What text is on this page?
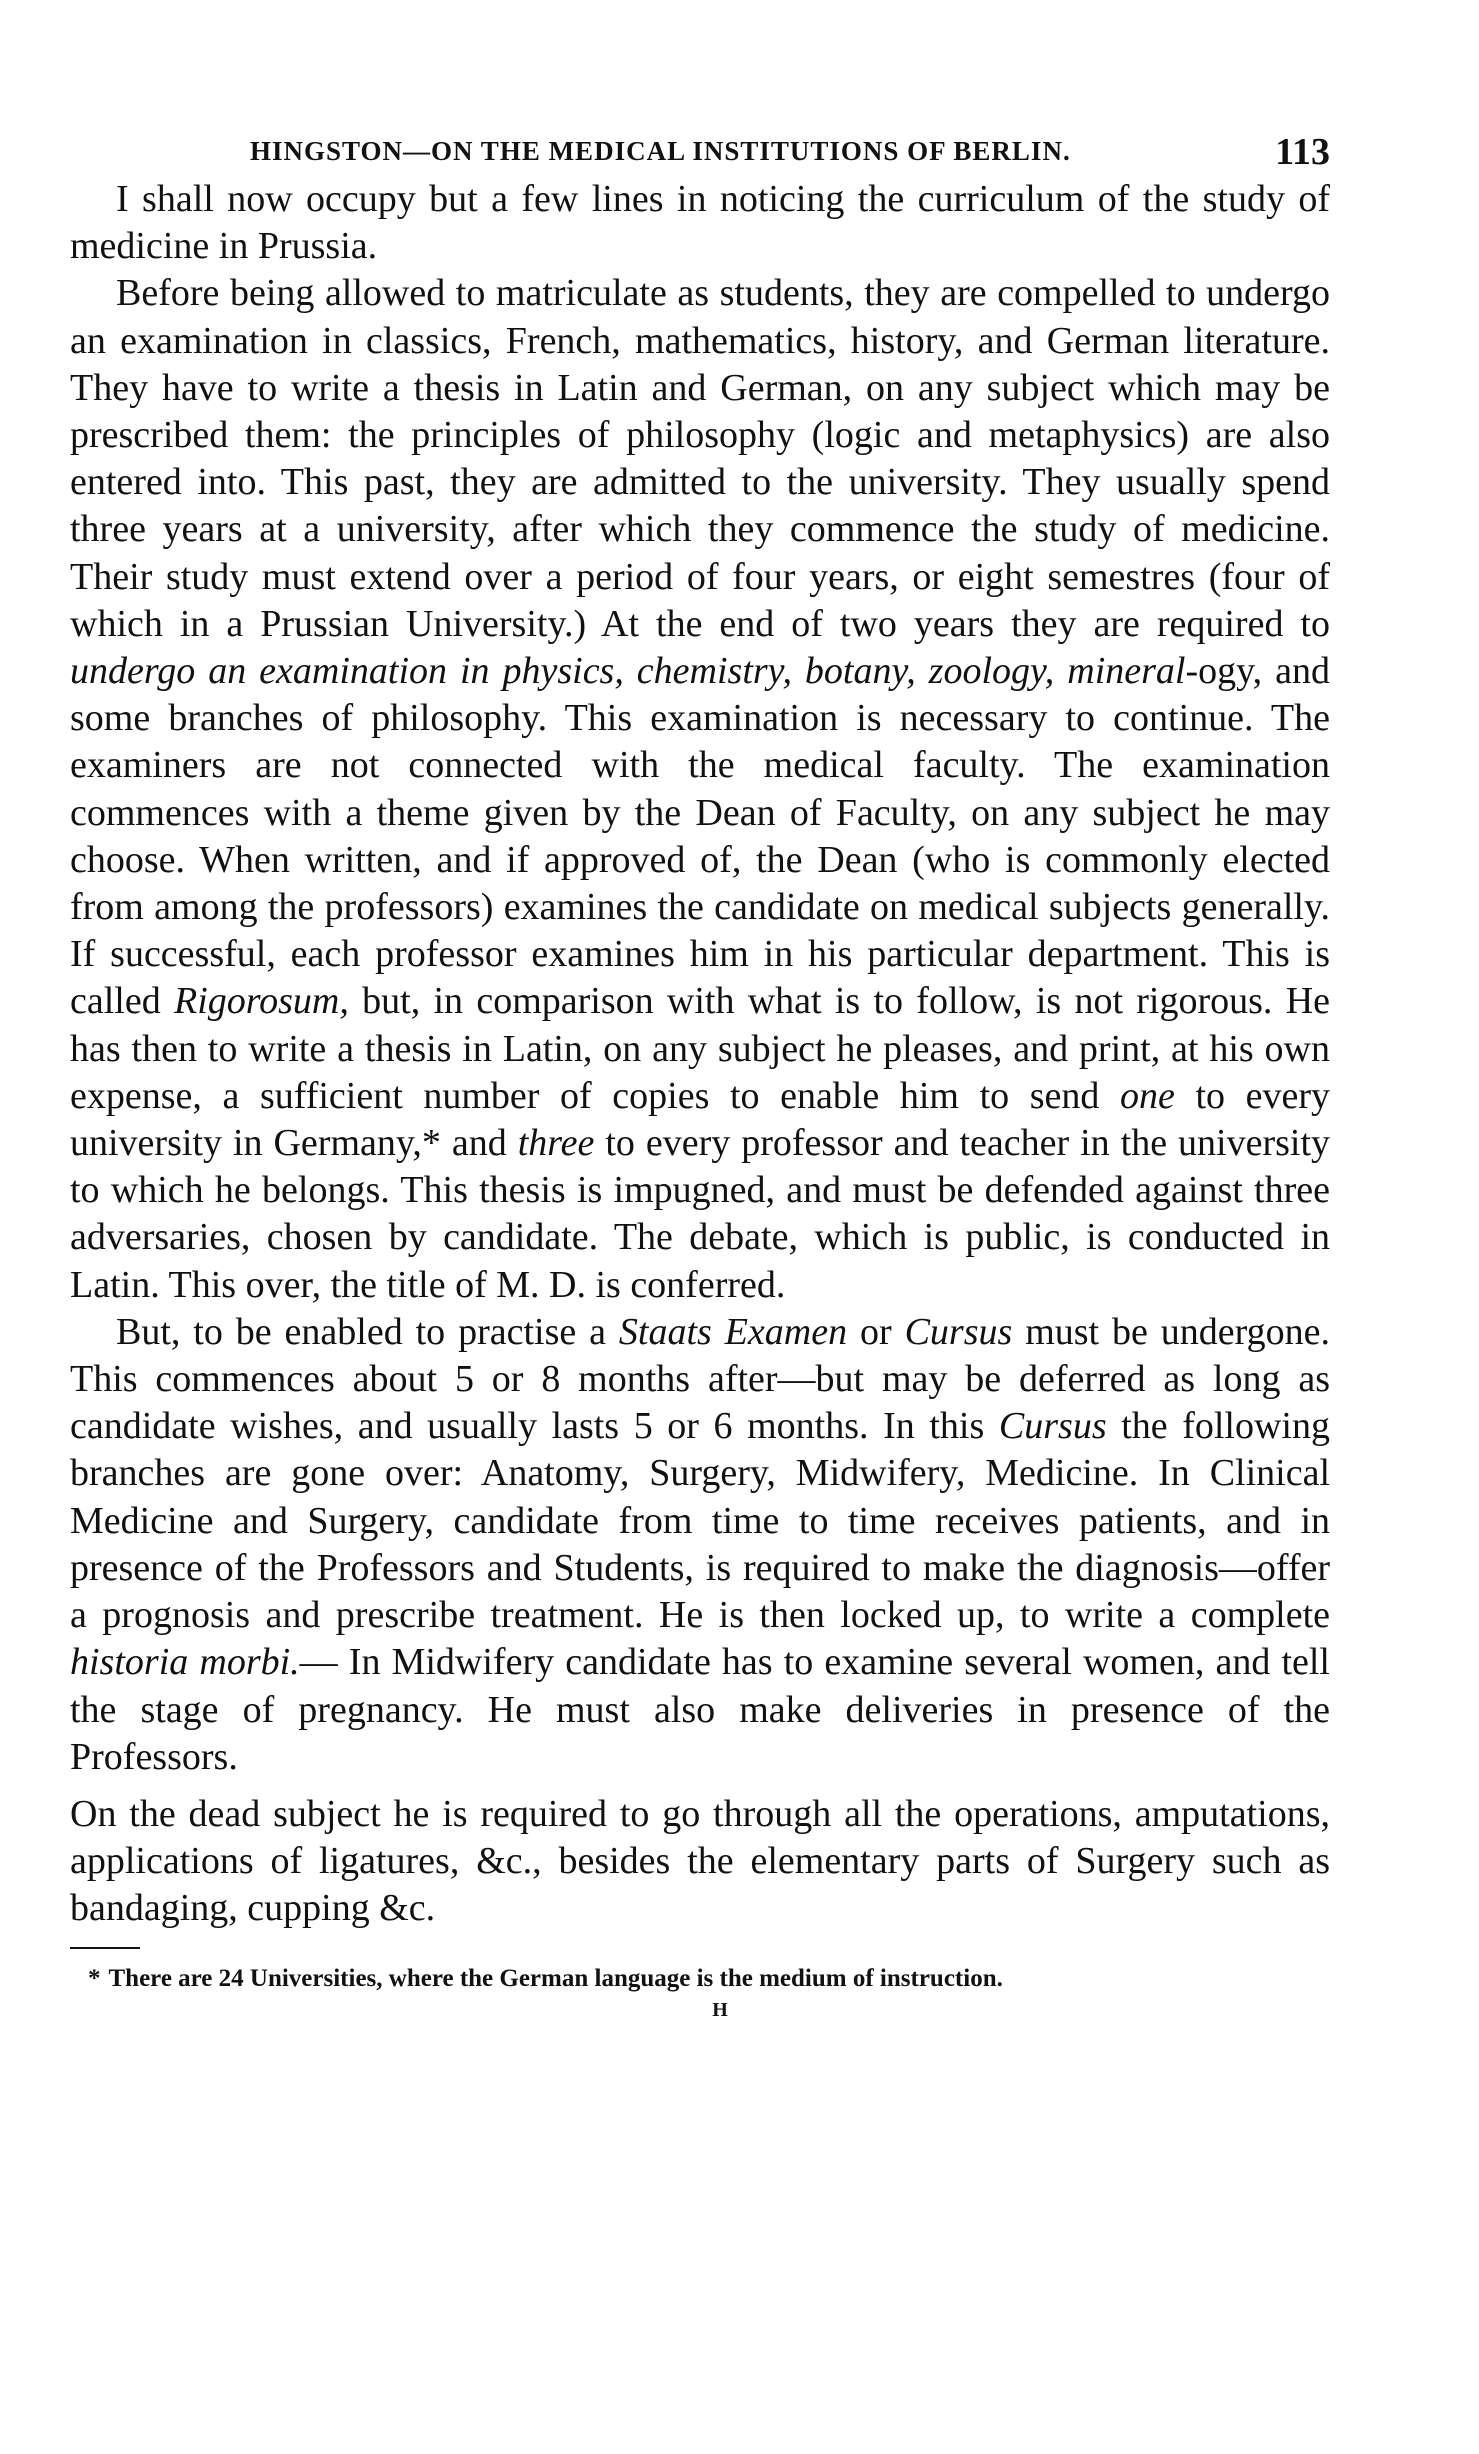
HINGSTON—ON THE MEDICAL INSTITUTIONS OF BERLIN.	113

I shall now occupy but a few lines in noticing the curriculum of the study of medicine in Prussia.

Before being allowed to matriculate as students, they are compelled to undergo an examination in classics, French, mathematics, history, and German literature. They have to write a thesis in Latin and German, on any subject which may be prescribed them: the principles of philosophy (logic and metaphysics) are also entered into. This past, they are admitted to the university. They usually spend three years at a university, after which they commence the study of medicine. Their study must extend over a period of four years, or eight semestres (four of which in a Prussian University.) At the end of two years they are required to undergo an examination in physics, chemistry, botany, zoology, mineral-ogy, and some branches of philosophy. This examination is necessary to continue. The examiners are not connected with the medical faculty. The examination commences with a theme given by the Dean of Faculty, on any subject he may choose. When written, and if approved of, the Dean (who is commonly elected from among the professors) examines the candidate on medical subjects generally. If successful, each professor examines him in his particular department. This is called Rigorosum, but, in comparison with what is to follow, is not rigorous. He has then to write a thesis in Latin, on any subject he pleases, and print, at his own expense, a sufficient number of copies to enable him to send one to every university in Germany,* and three to every professor and teacher in the university to which he belongs. This thesis is impugned, and must be defended against three adversaries, chosen by candidate. The debate, which is public, is conducted in Latin. This over, the title of M. D. is conferred.

But, to be enabled to practise a Staats Examen or Cursus must be undergone. This commences about 5 or 8 months after—but may be deferred as long as candidate wishes, and usually lasts 5 or 6 months. In this Cursus the following branches are gone over: Anatomy, Surgery, Midwifery, Medicine. In Clinical Medicine and Surgery, candidate from time to time receives patients, and in presence of the Professors and Students, is required to make the diagnosis—offer a prognosis and prescribe treatment. He is then locked up, to write a complete historia morbi.— In Midwifery candidate has to examine several women, and tell the stage of pregnancy. He must also make deliveries in presence of the Professors.

On the dead subject he is required to go through all the operations, amputations, applications of ligatures, &c., besides the elementary parts of Surgery such as bandaging, cupping &c.

* There are 24 Universities, where the German language is the medium of instruction.
H
